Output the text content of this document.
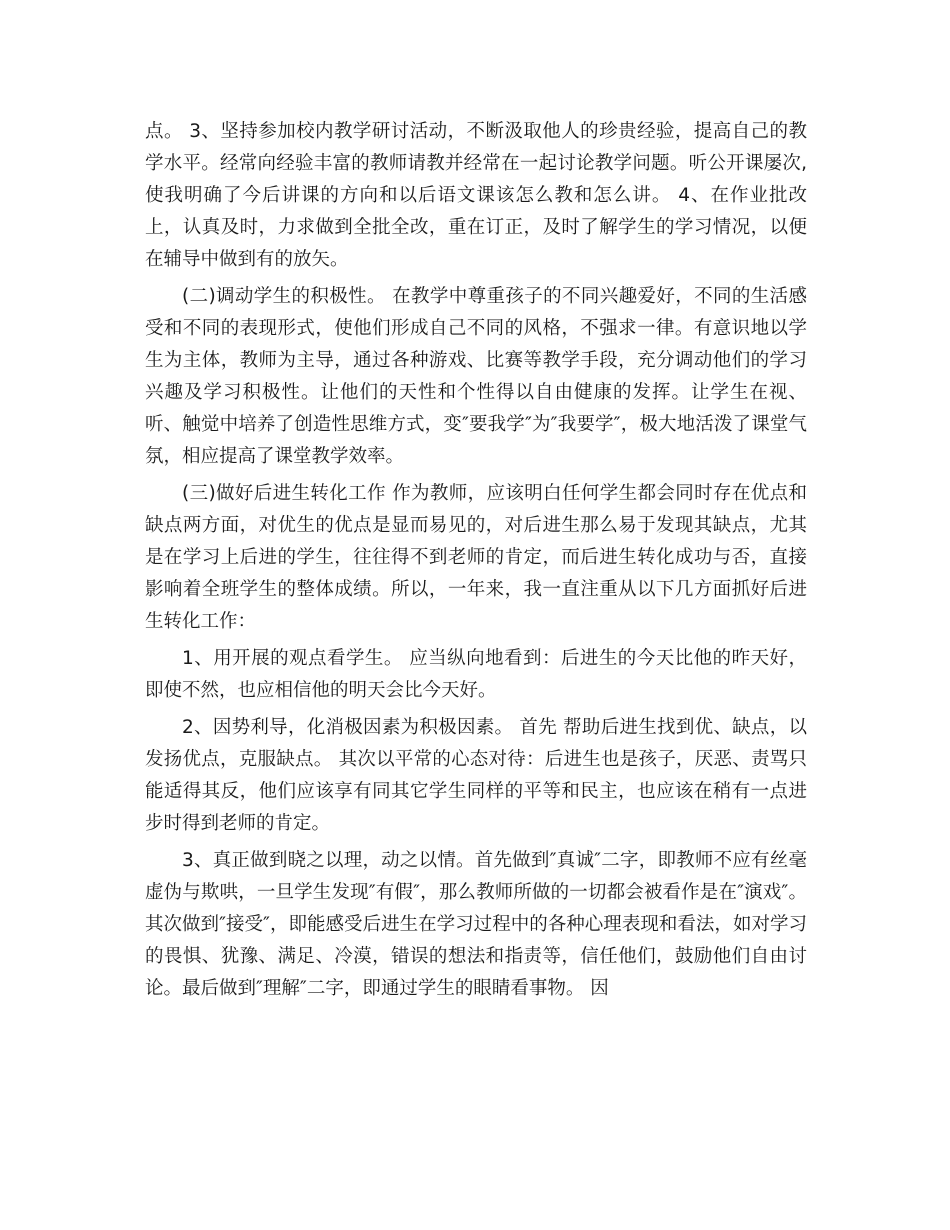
点。 3、坚持参加校内教学研讨活动，不断汲取他人的珍贵经验，提高自己的教学水平。经常向经验丰富的教师请教并经常在一起讨论教学问题。听公开课屡次,使我明确了今后讲课的方向和以后语文课该怎么教和怎么讲。 4、在作业批改上，认真及时，力求做到全批全改，重在订正，及时了解学生的学习情况，以便在辅导中做到有的放矢。

(二)调动学生的积极性。 在教学中尊重孩子的不同兴趣爱好，不同的生活感受和不同的表现形式，使他们形成自己不同的风格，不强求一律。有意识地以学生为主体，教师为主导，通过各种游戏、比赛等教学手段，充分调动他们的学习兴趣及学习积极性。让他们的天性和个性得以自由健康的发挥。让学生在视、听、触觉中培养了创造性思维方式，变″要我学″为″我要学″，极大地活泼了课堂气氛，相应提高了课堂教学效率。

(三)做好后进生转化工作 作为教师，应该明白任何学生都会同时存在优点和缺点两方面，对优生的优点是显而易见的，对后进生那么易于发现其缺点，尤其是在学习上后进的学生，往往得不到老师的肯定，而后进生转化成功与否，直接影响着全班学生的整体成绩。所以，一年来，我一直注重从以下几方面抓好后进生转化工作：

1、用开展的观点看学生。 应当纵向地看到：后进生的今天比他的昨天好，即使不然，也应相信他的明天会比今天好。

2、因势利导，化消极因素为积极因素。 首先 帮助后进生找到优、缺点，以发扬优点，克服缺点。 其次以平常的心态对待：后进生也是孩子，厌恶、责骂只能适得其反，他们应该享有同其它学生同样的平等和民主，也应该在稍有一点进步时得到老师的肯定。

3、真正做到晓之以理，动之以情。首先做到″真诚″二字，即教师不应有丝毫虚伪与欺哄，一旦学生发现″有假″，那么教师所做的一切都会被看作是在″演戏″。其次做到″接受″，即能感受后进生在学习过程中的各种心理表现和看法，如对学习的畏惧、犹豫、满足、冷漠，错误的想法和指责等，信任他们，鼓励他们自由讨论。最后做到″理解″二字，即通过学生的眼睛看事物。 因
